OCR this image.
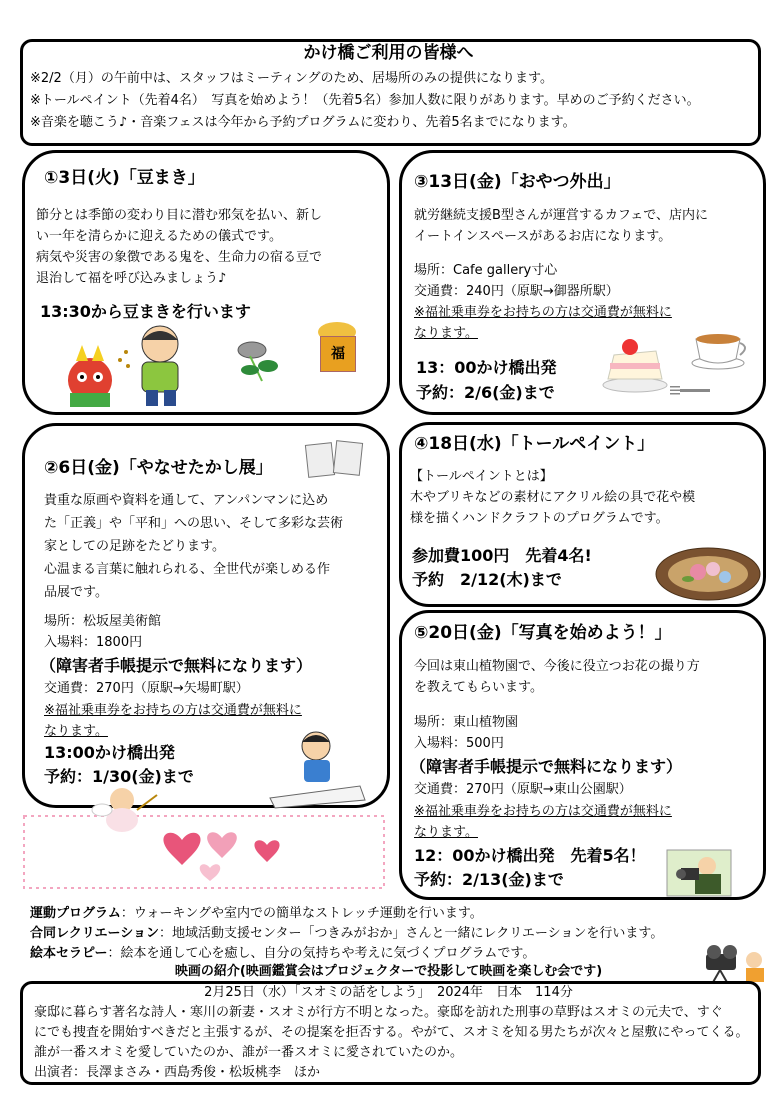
かけ橋ご利用の皆様へ
※2/2（月）の午前中は、スタッフはミーティングのため、居場所のみの提供になります。
※トールペイント（先着4名）　写真を始めよう！（先着5名）参加人数に限りがあります。早めのご予約ください。
※音楽を聴こう♪・音楽フェスは今年から予約プログラムに変わり、先着5名までになります。
①3日(火)「豆まき」
節分とは季節の変わり目に潜む邪気を払い、新し
い一年を清らかに迎えるための儀式です。
病気や災害の象徴である鬼を、生命力の宿る豆で
退治して福を呼び込みましょう♪
13:30から豆まきを行います
福
③13日(金)「おやつ外出」
就労継続支援B型さんが運営するカフェで、店内に
イートインスペースがあるお店になります。
場所：Cafe gallery寸心
交通費：240円（原駅→御器所駅）
※福祉乗車券をお持ちの方は交通費が無料に
なります。
13：00かけ橋出発
予約：2/6(金)まで
②6日(金)「やなせたかし展」
貴重な原画や資料を通して、アンパンマンに込め
た「正義」や「平和」への思い、そして多彩な芸術
家としての足跡をたどります。
心温まる言葉に触れられる、全世代が楽しめる作
品展です。
場所：松坂屋美術館
入場料：1800円
（障害者手帳提示で無料になります）
交通費：270円（原駅→矢場町駅）
※福祉乗車券をお持ちの方は交通費が無料に
なります。
13:00かけ橋出発
予約：1/30(金)まで
④18日(水)「トールペイント」
【トールペイントとは】
木やブリキなどの素材にアクリル絵の具で花や模
様を描くハンドクラフトのプログラムです。
参加費100円　先着4名!
予約　2/12(木)まで
⑤20日(金)「写真を始めよう！」
今回は東山植物園で、今後に役立つお花の撮り方
を教えてもらいます。
場所：東山植物園
入場料：500円
（障害者手帳提示で無料になります）
交通費：270円（原駅→東山公園駅）
※福祉乗車券をお持ちの方は交通費が無料に
なります。
12：00かけ橋出発　先着5名！
予約：2/13(金)まで
運動プログラム：ウォーキングや室内での簡単なストレッチ運動を行います。
合同レクリエーション：地域活動支援センター「つきみがおか」さんと一緒にレクリエーションを行います。
絵本セラピー：絵本を通して心を癒し、自分の気持ちや考えに気づくプログラムです。
映画の紹介(映画鑑賞会はプロジェクターで投影して映画を楽しむ会です)
2月25日（水）「スオミの話をしよう」　2024年　日本　114分
豪邸に暮らす著名な詩人・寒川の新妻・スオミが行方不明となった。豪邸を訪れた刑事の草野はスオミの元夫で、すぐ
にでも捜査を開始すべきだと主張するが、その提案を拒否する。やがて、スオミを知る男たちが次々と屋敷にやってくる。
誰が一番スオミを愛していたのか、誰が一番スオミに愛されていたのか。
出演者：長澤まさみ・西島秀俊・松坂桃李　ほか
